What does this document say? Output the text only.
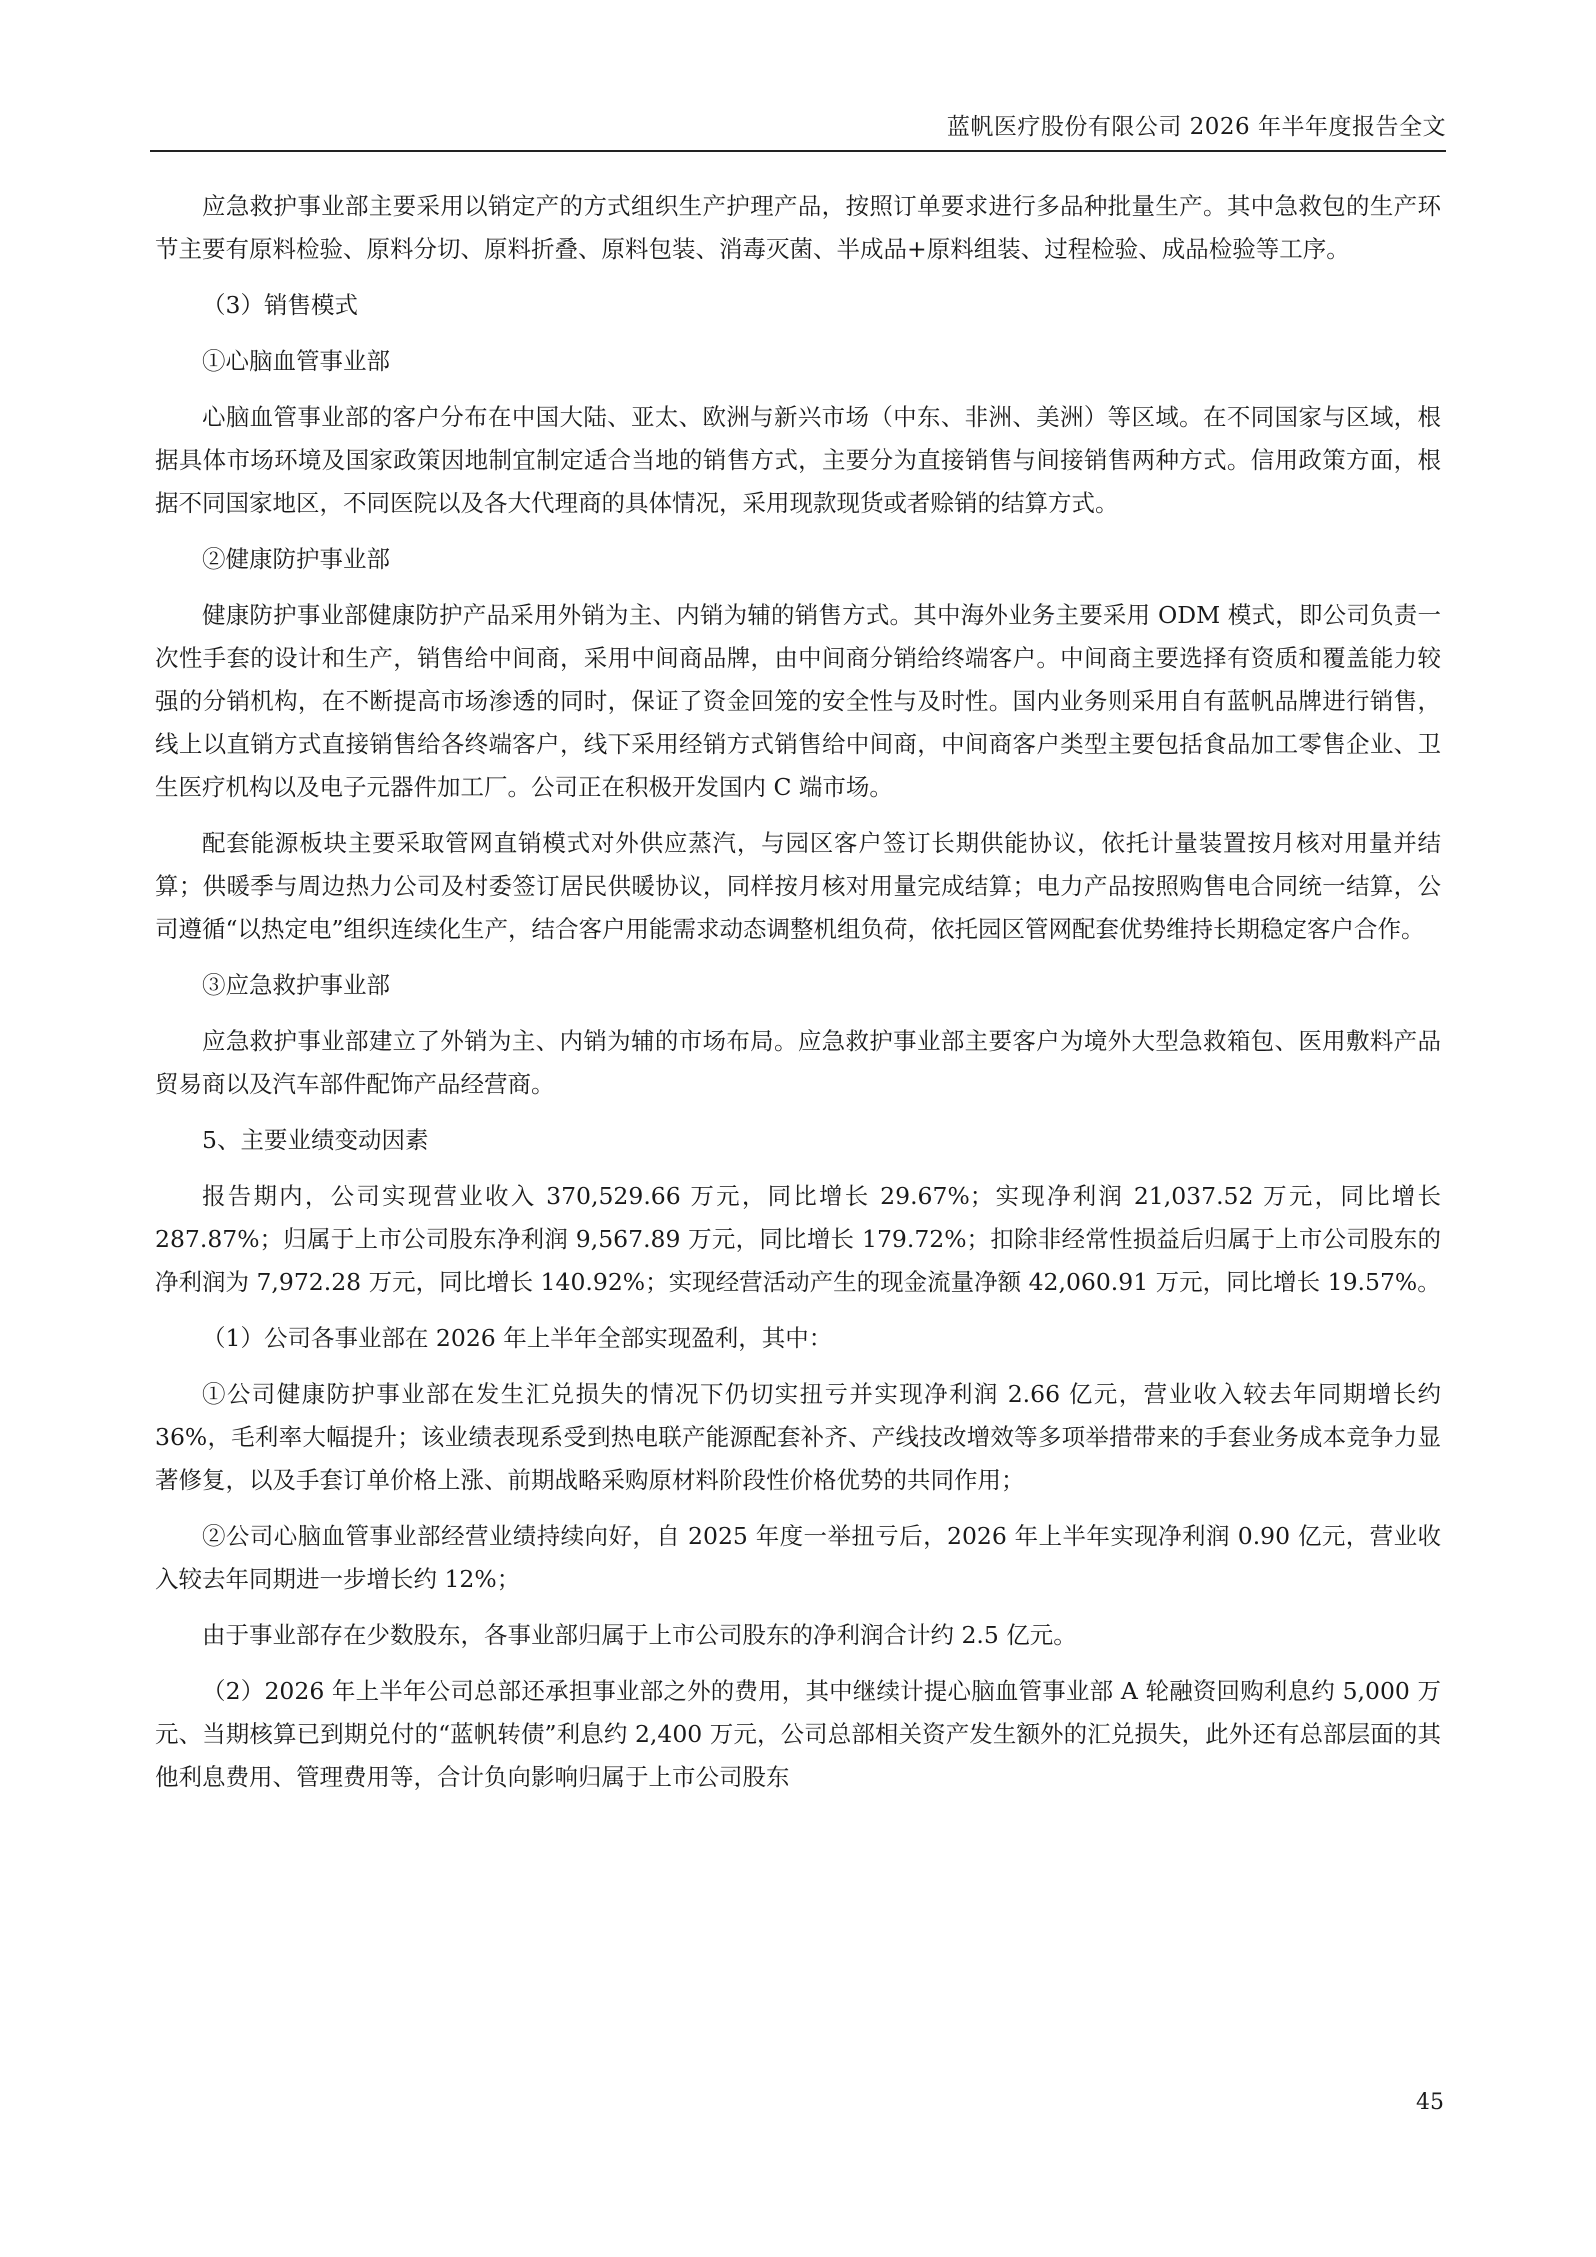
蓝帆医疗股份有限公司 2026 年半年度报告全文

应急救护事业部主要采用以销定产的方式组织生产护理产品，按照订单要求进行多品种批量生产。其中急救包的生产环节主要有原料检验、原料分切、原料折叠、原料包装、消毒灭菌、半成品+原料组装、过程检验、成品检验等工序。

（3）销售模式

①心脑血管事业部

心脑血管事业部的客户分布在中国大陆、亚太、欧洲与新兴市场（中东、非洲、美洲）等区域。在不同国家与区域，根据具体市场环境及国家政策因地制宜制定适合当地的销售方式，主要分为直接销售与间接销售两种方式。信用政策方面，根据不同国家地区，不同医院以及各大代理商的具体情况，采用现款现货或者赊销的结算方式。

②健康防护事业部

健康防护事业部健康防护产品采用外销为主、内销为辅的销售方式。其中海外业务主要采用 ODM 模式，即公司负责一次性手套的设计和生产，销售给中间商，采用中间商品牌，由中间商分销给终端客户。中间商主要选择有资质和覆盖能力较强的分销机构，在不断提高市场渗透的同时，保证了资金回笼的安全性与及时性。国内业务则采用自有蓝帆品牌进行销售，线上以直销方式直接销售给各终端客户，线下采用经销方式销售给中间商，中间商客户类型主要包括食品加工零售企业、卫生医疗机构以及电子元器件加工厂。公司正在积极开发国内 C 端市场。

配套能源板块主要采取管网直销模式对外供应蒸汽，与园区客户签订长期供能协议，依托计量装置按月核对用量并结算；供暖季与周边热力公司及村委签订居民供暖协议，同样按月核对用量完成结算；电力产品按照购售电合同统一结算，公司遵循“以热定电”组织连续化生产，结合客户用能需求动态调整机组负荷，依托园区管网配套优势维持长期稳定客户合作。

③应急救护事业部

应急救护事业部建立了外销为主、内销为辅的市场布局。应急救护事业部主要客户为境外大型急救箱包、医用敷料产品贸易商以及汽车部件配饰产品经营商。

5、主要业绩变动因素

报告期内，公司实现营业收入 370,529.66 万元，同比增长 29.67%；实现净利润 21,037.52 万元，同比增长 287.87%；归属于上市公司股东净利润 9,567.89 万元，同比增长 179.72%；扣除非经常性损益后归属于上市公司股东的净利润为 7,972.28 万元，同比增长 140.92%；实现经营活动产生的现金流量净额 42,060.91 万元，同比增长 19.57%。

（1）公司各事业部在 2026 年上半年全部实现盈利，其中：

①公司健康防护事业部在发生汇兑损失的情况下仍切实扭亏并实现净利润 2.66 亿元，营业收入较去年同期增长约 36%，毛利率大幅提升；该业绩表现系受到热电联产能源配套补齐、产线技改增效等多项举措带来的手套业务成本竞争力显著修复，以及手套订单价格上涨、前期战略采购原材料阶段性价格优势的共同作用；

②公司心脑血管事业部经营业绩持续向好，自 2025 年度一举扭亏后，2026 年上半年实现净利润 0.90 亿元，营业收入较去年同期进一步增长约 12%；

由于事业部存在少数股东，各事业部归属于上市公司股东的净利润合计约 2.5 亿元。

（2）2026 年上半年公司总部还承担事业部之外的费用，其中继续计提心脑血管事业部 A 轮融资回购利息约 5,000 万元、当期核算已到期兑付的“蓝帆转债”利息约 2,400 万元，公司总部相关资产发生额外的汇兑损失，此外还有总部层面的其他利息费用、管理费用等，合计负向影响归属于上市公司股东

45
